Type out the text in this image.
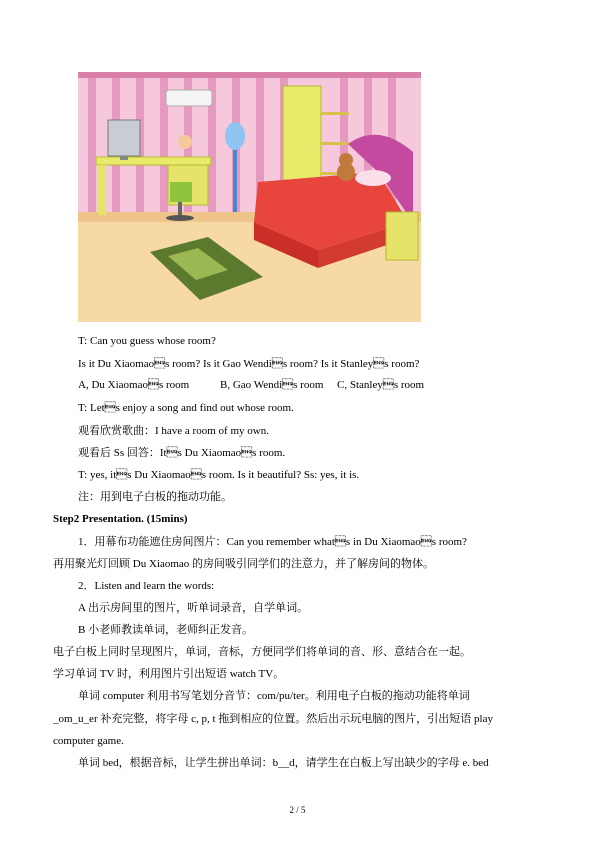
T: Can you guess whose room?
Is it Du Xiaomaos room? Is it Gao Wendis room? Is it Stanleys room?
A, Du Xiaomaos room	B, Gao Wendis room C, Stanleys room
T: Lets enjoy a song and find out whose room.
观看欣赏歌曲：I have a room of my own.
观看后 Ss 回答：Its Du Xiaomaos room.
T: yes, its Du Xiaomaos room. Is it beautiful? Ss: yes, it is.
注：用到电子白板的拖动功能。
Step2 Presentation. (15mins)
1．用幕布功能遮住房间图片：Can you remember whats in Du Xiaomaos room?
再用聚光灯回顾 Du Xiaomao 的房间吸引同学们的注意力，并了解房间的物体。
2．Listen and learn the words:
A 出示房间里的图片，听单词录音，自学单词。
B 小老师教读单词，老师纠正发音。
电子白板上同时呈现图片，单词，音标，方便同学们将单词的音、形、意结合在一起。
学习单词 TV 时，利用图片引出短语 watch TV。
单词 computer 利用书写笔划分音节：com/pu/ter。利用电子白板的拖动功能将单词
_om_u_er 补充完整，将字母 c, p, t 拖到相应的位置。然后出示玩电脑的图片，引出短语 play
computer game.
单词 bed，根据音标，让学生拼出单词：b__d，请学生在白板上写出缺少的字母 e. bed
2 / 5
